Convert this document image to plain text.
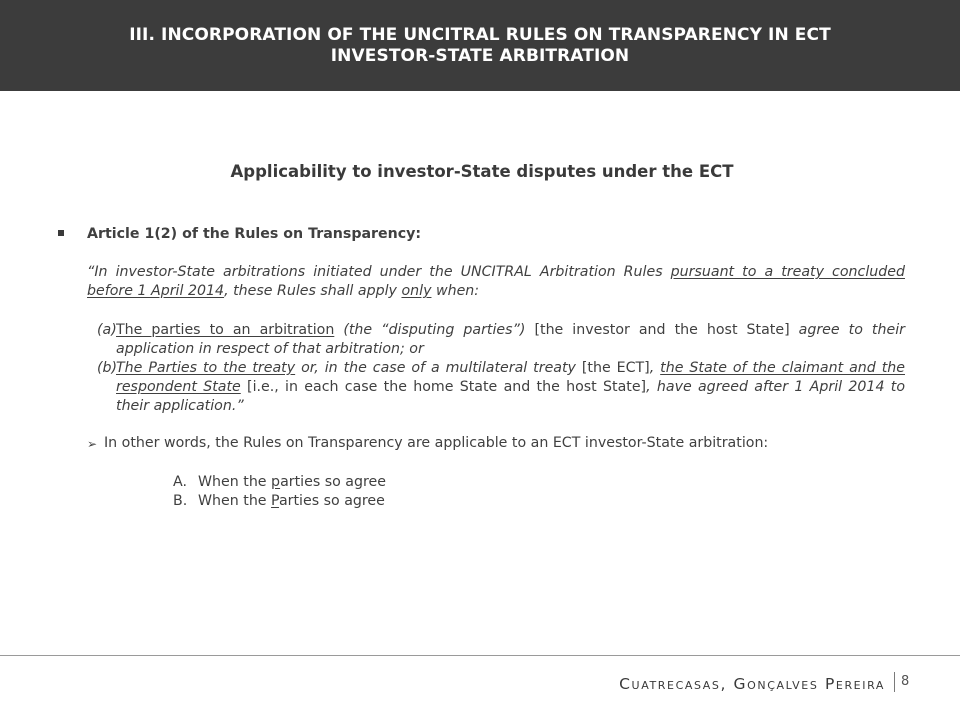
III. INCORPORATION OF THE UNCITRAL RULES ON TRANSPARENCY IN ECT
INVESTOR-STATE ARBITRATION
Applicability to investor-State disputes under the ECT
Article 1(2) of the Rules on Transparency:
“In investor-State arbitrations initiated under the UNCITRAL Arbitration Rules pursuant to a treaty concluded before 1 April 2014, these Rules shall apply only when:
(a) The parties to an arbitration (the “disputing parties”) [the investor and the host State] agree to their application in respect of that arbitration; or
(b)
The Parties to the treaty or, in the case of a multilateral treaty [the ECT], the State of the claimant and the respondent State [i.e., in each case the home State and the host State], have agreed after 1 April 2014 to their application.”
➢ In other words, the Rules on Transparency are applicable to an ECT investor-State arbitration:
A. When the parties so agree
B. When the Parties so agree
Cuatrecasas, Gonçalves Pereira 8
